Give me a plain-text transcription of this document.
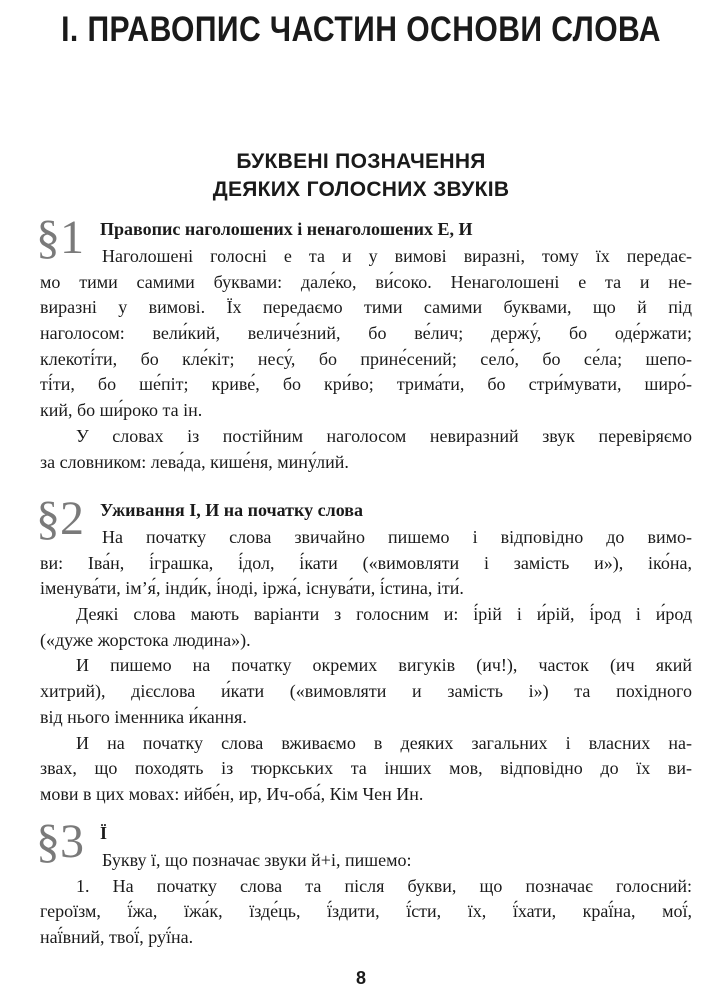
І. ПРАВОПИС ЧАСТИН ОСНОВИ СЛОВА
БУКВЕНІ ПОЗНАЧЕННЯ
ДЕЯКИХ ГОЛОСНИХ ЗВУКІВ
§1 Правопис наголошених і ненаголошених Е, И
Наголошені голосні е та и у вимові виразні, тому їх передає-
мо тими самими буквами: дале́ко, ви́соко. Ненаголошені е та и не-
виразні у вимові. Їх передаємо тими самими буквами, що й під
наголосом: вели́кий, величе́зний, бо ве́лич; держу́, бо оде́ржати;
клекоті́ти, бо кле́кіт; несу́, бо прине́сений; село́, бо се́ла; шепо-
ті́ти, бо ше́піт; криве́, бо кри́во; трима́ти, бо стри́мувати, широ́-
кий, бо ши́роко та ін.
У словах із постійним наголосом невиразний звук перевіряємо
за словником: лева́да, кише́ня, мину́лий.
§2 Уживання І, И на початку слова
На початку слова звичайно пишемо і відповідно до вимо-
ви: Іва́н, і́грашка, і́дол, і́кати («вимовляти і замість и»), іко́на,
іменува́ти, ім’я́, інди́к, і́ноді, іржа́, існува́ти, і́стина, іти́.
Деякі слова мають варіанти з голосним и: і́рій і и́рій, і́род і и́род
(«дуже жорстока людина»).
И пишемо на початку окремих вигуків (ич!), часток (ич який
хитрий), дієслова и́кати («вимовляти и замість і») та похідного
від нього іменника и́кання.
И на початку слова вживаємо в деяких загальних і власних на-
звах, що походять із тюркських та інших мов, відповідно до їх ви-
мови в цих мовах: ийбе́н, ир, Ич-оба́, Кім Чен Ин.
§3 Ї
Букву ї, що позначає звуки й+і, пишемо:
1. На початку слова та після букви, що позначає голосний:
героїзм, ї́жа, їжа́к, їзде́ць, ї́здити, ї́сти, їх, ї́хати, краї́на, мої́,
наї́вний, твої́, руї́на.
8
